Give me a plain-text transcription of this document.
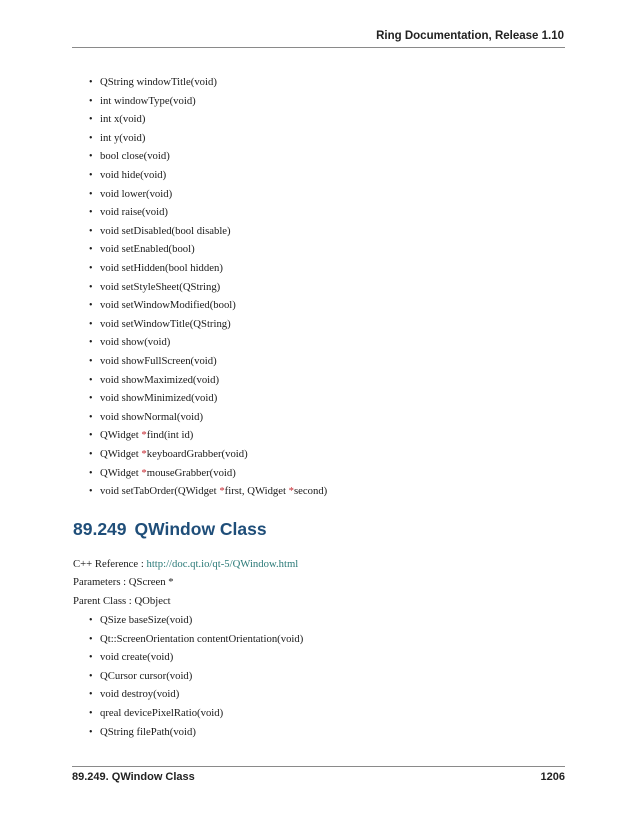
Ring Documentation, Release 1.10
• QString windowTitle(void)
• int windowType(void)
• int x(void)
• int y(void)
• bool close(void)
• void hide(void)
• void lower(void)
• void raise(void)
• void setDisabled(bool disable)
• void setEnabled(bool)
• void setHidden(bool hidden)
• void setStyleSheet(QString)
• void setWindowModified(bool)
• void setWindowTitle(QString)
• void show(void)
• void showFullScreen(void)
• void showMaximized(void)
• void showMinimized(void)
• void showNormal(void)
• QWidget *find(int id)
• QWidget *keyboardGrabber(void)
• QWidget *mouseGrabber(void)
• void setTabOrder(QWidget *first, QWidget *second)
89.249 QWindow Class
C++ Reference : http://doc.qt.io/qt-5/QWindow.html
Parameters : QScreen *
Parent Class : QObject
• QSize baseSize(void)
• Qt::ScreenOrientation contentOrientation(void)
• void create(void)
• QCursor cursor(void)
• void destroy(void)
• qreal devicePixelRatio(void)
• QString filePath(void)
89.249. QWindow Class	1206
